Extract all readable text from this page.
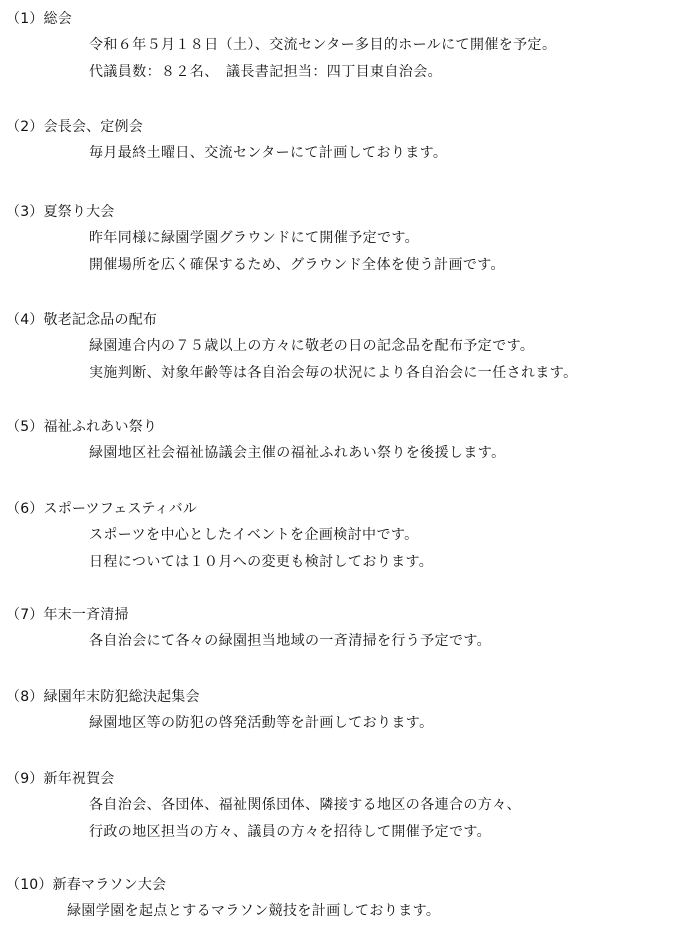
（1）総会
令和６年５月１８日（土）、交流センター多目的ホールにて開催を予定。
代議員数：８２名、　議長書記担当：四丁目東自治会。
（2）会長会、定例会
毎月最終土曜日、交流センターにて計画しております。
（3）夏祭り大会
昨年同様に緑園学園グラウンドにて開催予定です。
開催場所を広く確保するため、グラウンド全体を使う計画です。
（4）敬老記念品の配布
緑園連合内の７５歳以上の方々に敬老の日の記念品を配布予定です。
実施判断、対象年齢等は各自治会毎の状況により各自治会に一任されます。
（5）福祉ふれあい祭り
緑園地区社会福祉協議会主催の福祉ふれあい祭りを後援します。
（6）スポーツフェスティバル
スポーツを中心としたイベントを企画検討中です。
日程については１０月への変更も検討しております。
（7）年末一斉清掃
各自治会にて各々の緑園担当地域の一斉清掃を行う予定です。
（8）緑園年末防犯総決起集会
緑園地区等の防犯の啓発活動等を計画しております。
（9）新年祝賀会
各自治会、各団体、福祉関係団体、隣接する地区の各連合の方々、
行政の地区担当の方々、議員の方々を招待して開催予定です。
（10）新春マラソン大会
緑園学園を起点とするマラソン競技を計画しております。
